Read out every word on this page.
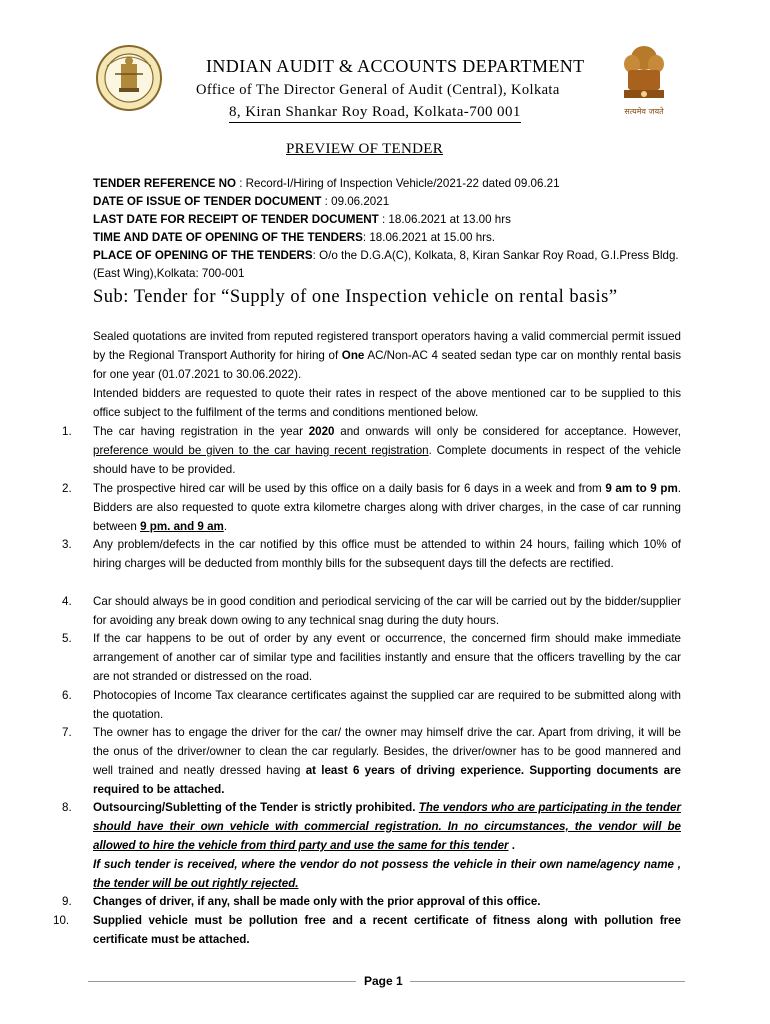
सत्यमेव जयते
INDIAN AUDIT & ACCOUNTS DEPARTMENT
Office of The Director General of Audit (Central), Kolkata
8, Kiran Shankar Roy Road, Kolkata-700 001
PREVIEW OF TENDER
TENDER REFERENCE NO : Record-I/Hiring of Inspection Vehicle/2021-22 dated 09.06.21
DATE OF ISSUE OF TENDER DOCUMENT : 09.06.2021
LAST DATE FOR RECEIPT OF TENDER DOCUMENT : 18.06.2021 at 13.00 hrs
TIME AND DATE OF OPENING OF THE TENDERS: 18.06.2021 at 15.00 hrs.
PLACE OF OPENING OF THE TENDERS: O/o the D.G.A(C), Kolkata, 8, Kiran Sankar Roy Road, G.I.Press Bldg. (East Wing),Kolkata: 700-001
Sub: Tender for “Supply of one Inspection vehicle on rental basis”
Sealed quotations are invited from reputed registered transport operators having a valid commercial permit issued by the Regional Transport Authority for hiring of One AC/Non-AC 4 seated sedan type car on monthly rental basis for one year (01.07.2021 to 30.06.2022).
Intended bidders are requested to quote their rates in respect of the above mentioned car to be supplied to this office subject to the fulfilment of the terms and conditions mentioned below.
1. The car having registration in the year 2020 and onwards will only be considered for acceptance. However, preference would be given to the car having recent registration. Complete documents in respect of the vehicle should have to be provided.
2. The prospective hired car will be used by this office on a daily basis for 6 days in a week and from 9 am to 9 pm. Bidders are also requested to quote extra kilometre charges along with driver charges, in the case of car running between 9 pm. and 9 am.
3. Any problem/defects in the car notified by this office must be attended to within 24 hours, failing which 10% of hiring charges will be deducted from monthly bills for the subsequent days till the defects are rectified.
4. Car should always be in good condition and periodical servicing of the car will be carried out by the bidder/supplier for avoiding any break down owing to any technical snag during the duty hours.
5. If the car happens to be out of order by any event or occurrence, the concerned firm should make immediate arrangement of another car of similar type and facilities instantly and ensure that the officers travelling by the car are not stranded or distressed on the road.
6. Photocopies of Income Tax clearance certificates against the supplied car are required to be submitted along with the quotation.
7. The owner has to engage the driver for the car/ the owner may himself drive the car. Apart from driving, it will be the onus of the driver/owner to clean the car regularly. Besides, the driver/owner has to be good mannered and well trained and neatly dressed having at least 6 years of driving experience. Supporting documents are required to be attached.
8. Outsourcing/Subletting of the Tender is strictly prohibited. The vendors who are participating in the tender should have their own vehicle with commercial registration. In no circumstances, the vendor will be allowed to hire the vehicle from third party and use the same for this tender .
If such tender is received, where the vendor do not possess the vehicle in their own name/agency name , the tender will be out rightly rejected.
9. Changes of driver, if any, shall be made only with the prior approval of this office.
10. Supplied vehicle must be pollution free and a recent certificate of fitness along with pollution free certificate must be attached.
Page 1
